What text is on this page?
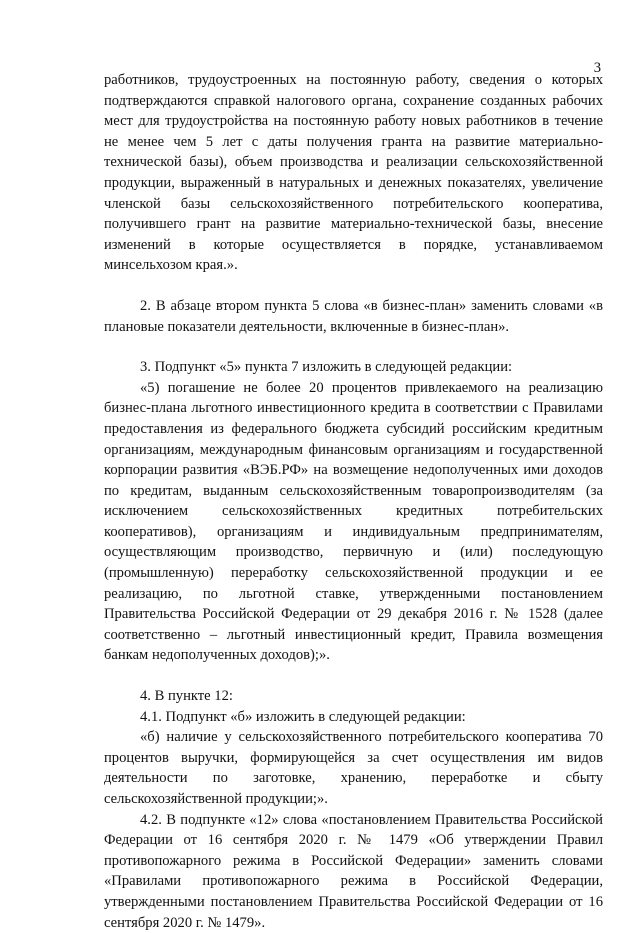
3

работников, трудоустроенных на постоянную работу, сведения о которых подтверждаются справкой налогового органа, сохранение созданных рабочих мест для трудоустройства на постоянную работу новых работников в течение не менее чем 5 лет с даты получения гранта на развитие материально-технической базы), объем производства и реализации сельскохозяйственной продукции, выраженный в натуральных и денежных показателях, увеличение членской базы сельскохозяйственного потребительского кооператива, получившего грант на развитие материально-технической базы, внесение изменений в которые осуществляется в порядке, устанавливаемом минсельхозом края.».

2. В абзаце втором пункта 5 слова «в бизнес-план» заменить словами «в плановые показатели деятельности, включенные в бизнес-план».

3. Подпункт «5» пункта 7 изложить в следующей редакции:

«5) погашение не более 20 процентов привлекаемого на реализацию бизнес-плана льготного инвестиционного кредита в соответствии с Правилами предоставления из федерального бюджета субсидий российским кредитным организациям, международным финансовым организациям и государственной корпорации развития «ВЭБ.РФ» на возмещение недополученных ими доходов по кредитам, выданным сельскохозяйственным товаропроизводителям (за исключением сельскохозяйственных кредитных потребительских кооперативов), организациям и индивидуальным предпринимателям, осуществляющим производство, первичную и (или) последующую (промышленную) переработку сельскохозяйственной продукции и ее реализацию, по льготной ставке, утвержденными постановлением Правительства Российской Федерации от 29 декабря 2016 г. № 1528 (далее соответственно – льготный инвестиционный кредит, Правила возмещения банкам недополученных доходов);».

4. В пункте 12:

4.1. Подпункт «б» изложить в следующей редакции:

«б) наличие у сельскохозяйственного потребительского кооператива 70 процентов выручки, формирующейся за счет осуществления им видов деятельности по заготовке, хранению, переработке и сбыту сельскохозяйственной продукции;».

4.2. В подпункте «12» слова «постановлением Правительства Российской Федерации от 16 сентября 2020 г. № 1479 «Об утверждении Правил противопожарного режима в Российской Федерации» заменить словами «Правилами противопожарного режима в Российской Федерации, утвержденными постановлением Правительства Российской Федерации от 16 сентября 2020 г. № 1479».
